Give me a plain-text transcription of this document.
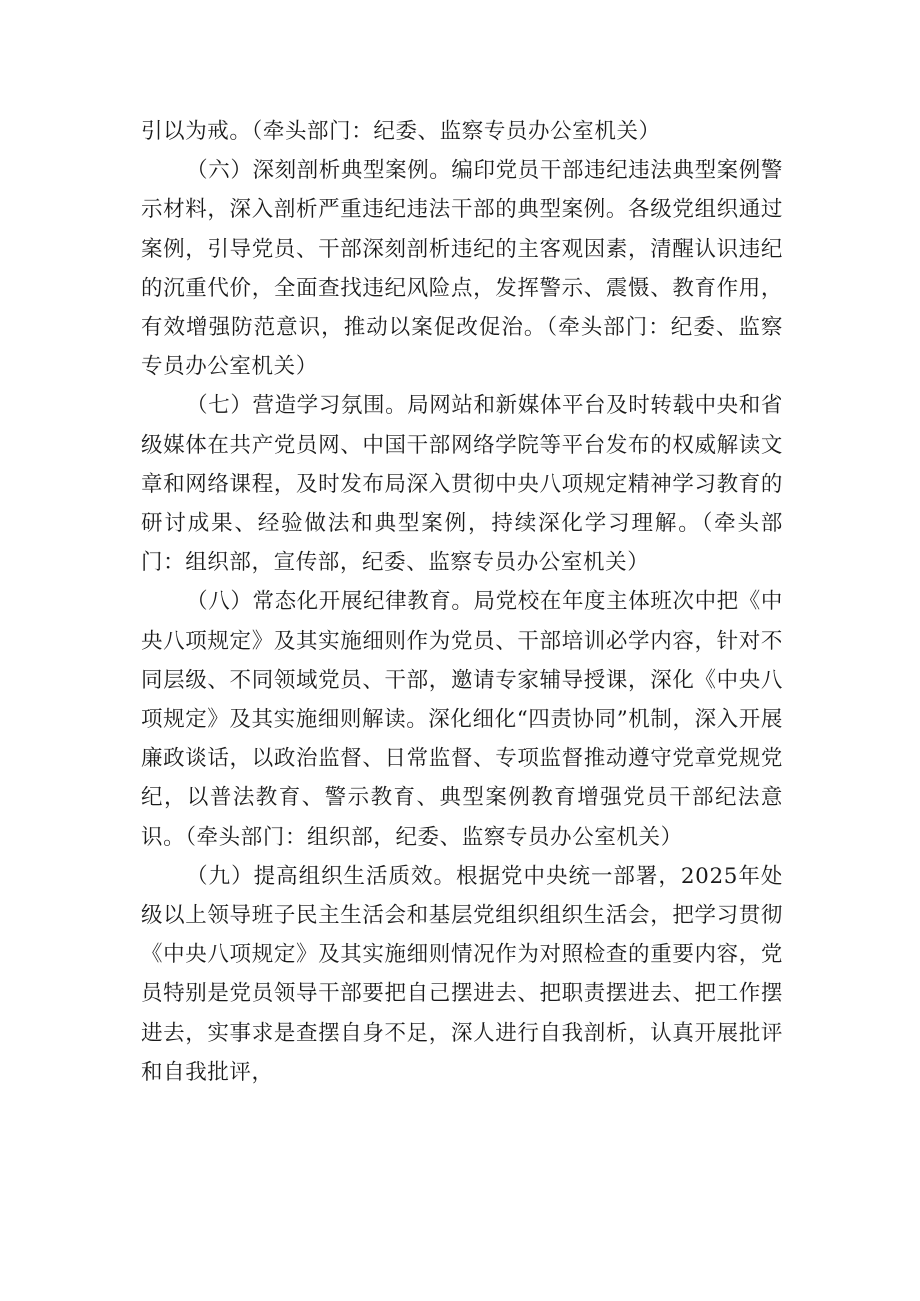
引以为戒。（牵头部门：纪委、监察专员办公室机关）

（六）深刻剖析典型案例。编印党员干部违纪违法典型案例警示材料，深入剖析严重违纪违法干部的典型案例。各级党组织通过案例，引导党员、干部深刻剖析违纪的主客观因素，清醒认识违纪的沉重代价，全面查找违纪风险点，发挥警示、震慑、教育作用，有效增强防范意识，推动以案促改促治。（牵头部门：纪委、监察专员办公室机关）

（七）营造学习氛围。局网站和新媒体平台及时转载中央和省级媒体在共产党员网、中国干部网络学院等平台发布的权威解读文章和网络课程，及时发布局深入贯彻中央八项规定精神学习教育的研讨成果、经验做法和典型案例，持续深化学习理解。（牵头部门：组织部，宣传部，纪委、监察专员办公室机关）

（八）常态化开展纪律教育。局党校在年度主体班次中把《中央八项规定》及其实施细则作为党员、干部培训必学内容，针对不同层级、不同领域党员、干部，邀请专家辅导授课，深化《中央八项规定》及其实施细则解读。深化细化“四责协同”机制，深入开展廉政谈话，以政治监督、日常监督、专项监督推动遵守党章党规党纪，以普法教育、警示教育、典型案例教育增强党员干部纪法意识。（牵头部门：组织部，纪委、监察专员办公室机关）

（九）提高组织生活质效。根据党中央统一部署，2025年处级以上领导班子民主生活会和基层党组织组织生活会，把学习贯彻《中央八项规定》及其实施细则情况作为对照检查的重要内容，党员特别是党员领导干部要把自己摆进去、把职责摆进去、把工作摆进去，实事求是查摆自身不足，深人进行自我剖析，认真开展批评和自我批评，
